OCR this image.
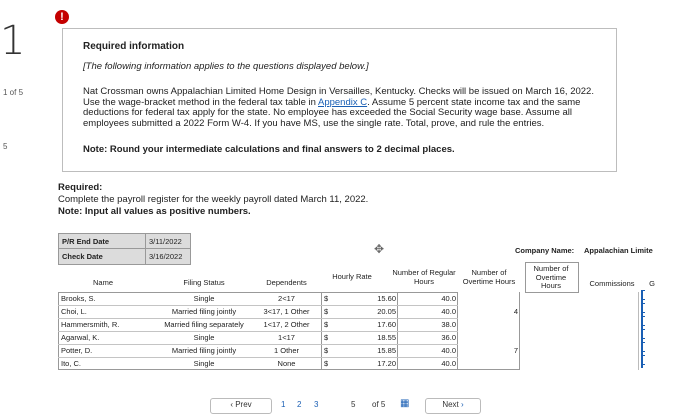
1
1 of 5
5
!
Required information
[The following information applies to the questions displayed below.]
Nat Crossman owns Appalachian Limited Home Design in Versailles, Kentucky. Checks will be issued on March 16, 2022. Use the wage-bracket method in the federal tax table in Appendix C. Assume 5 percent state income tax and the same deductions for federal tax apply for the state. No employee has exceeded the Social Security wage base. Assume all employees submitted a 2022 Form W-4. If you have MS, use the single rate. Total, prove, and rule the entries.
Note: Round your intermediate calculations and final answers to 2 decimal places.
Required:
Complete the payroll register for the weekly payroll dated March 11, 2022.
Note: Input all values as positive numbers.
P/R End Date	3/11/2022
Check Date	3/16/2022
✥	Company Name: Appalachian Limite
Name	Filing Status	Dependents
Hourly Rate	Number of Regular Hours
Number of Overtime Hours
Number of Overtime Hours	Commissions	G
Brooks, S.	Single	2<17	$	15.60	40.0
Choi, L.	Married filing jointly	3<17, 1 Other	$	20.05	40.0	4
Hammersmith, R.	Married filing separately	1<17, 2 Other	$	17.60	38.0
Agarwal, K.	Single	1<17	$	18.55	36.0
Potter, D.	Married filing jointly	1 Other	$	15.85	40.0	7
Ito, C.	Single	None	$	17.20	40.0
‹ Prev	1 2 3	5 of 5 ▦	Next ›
